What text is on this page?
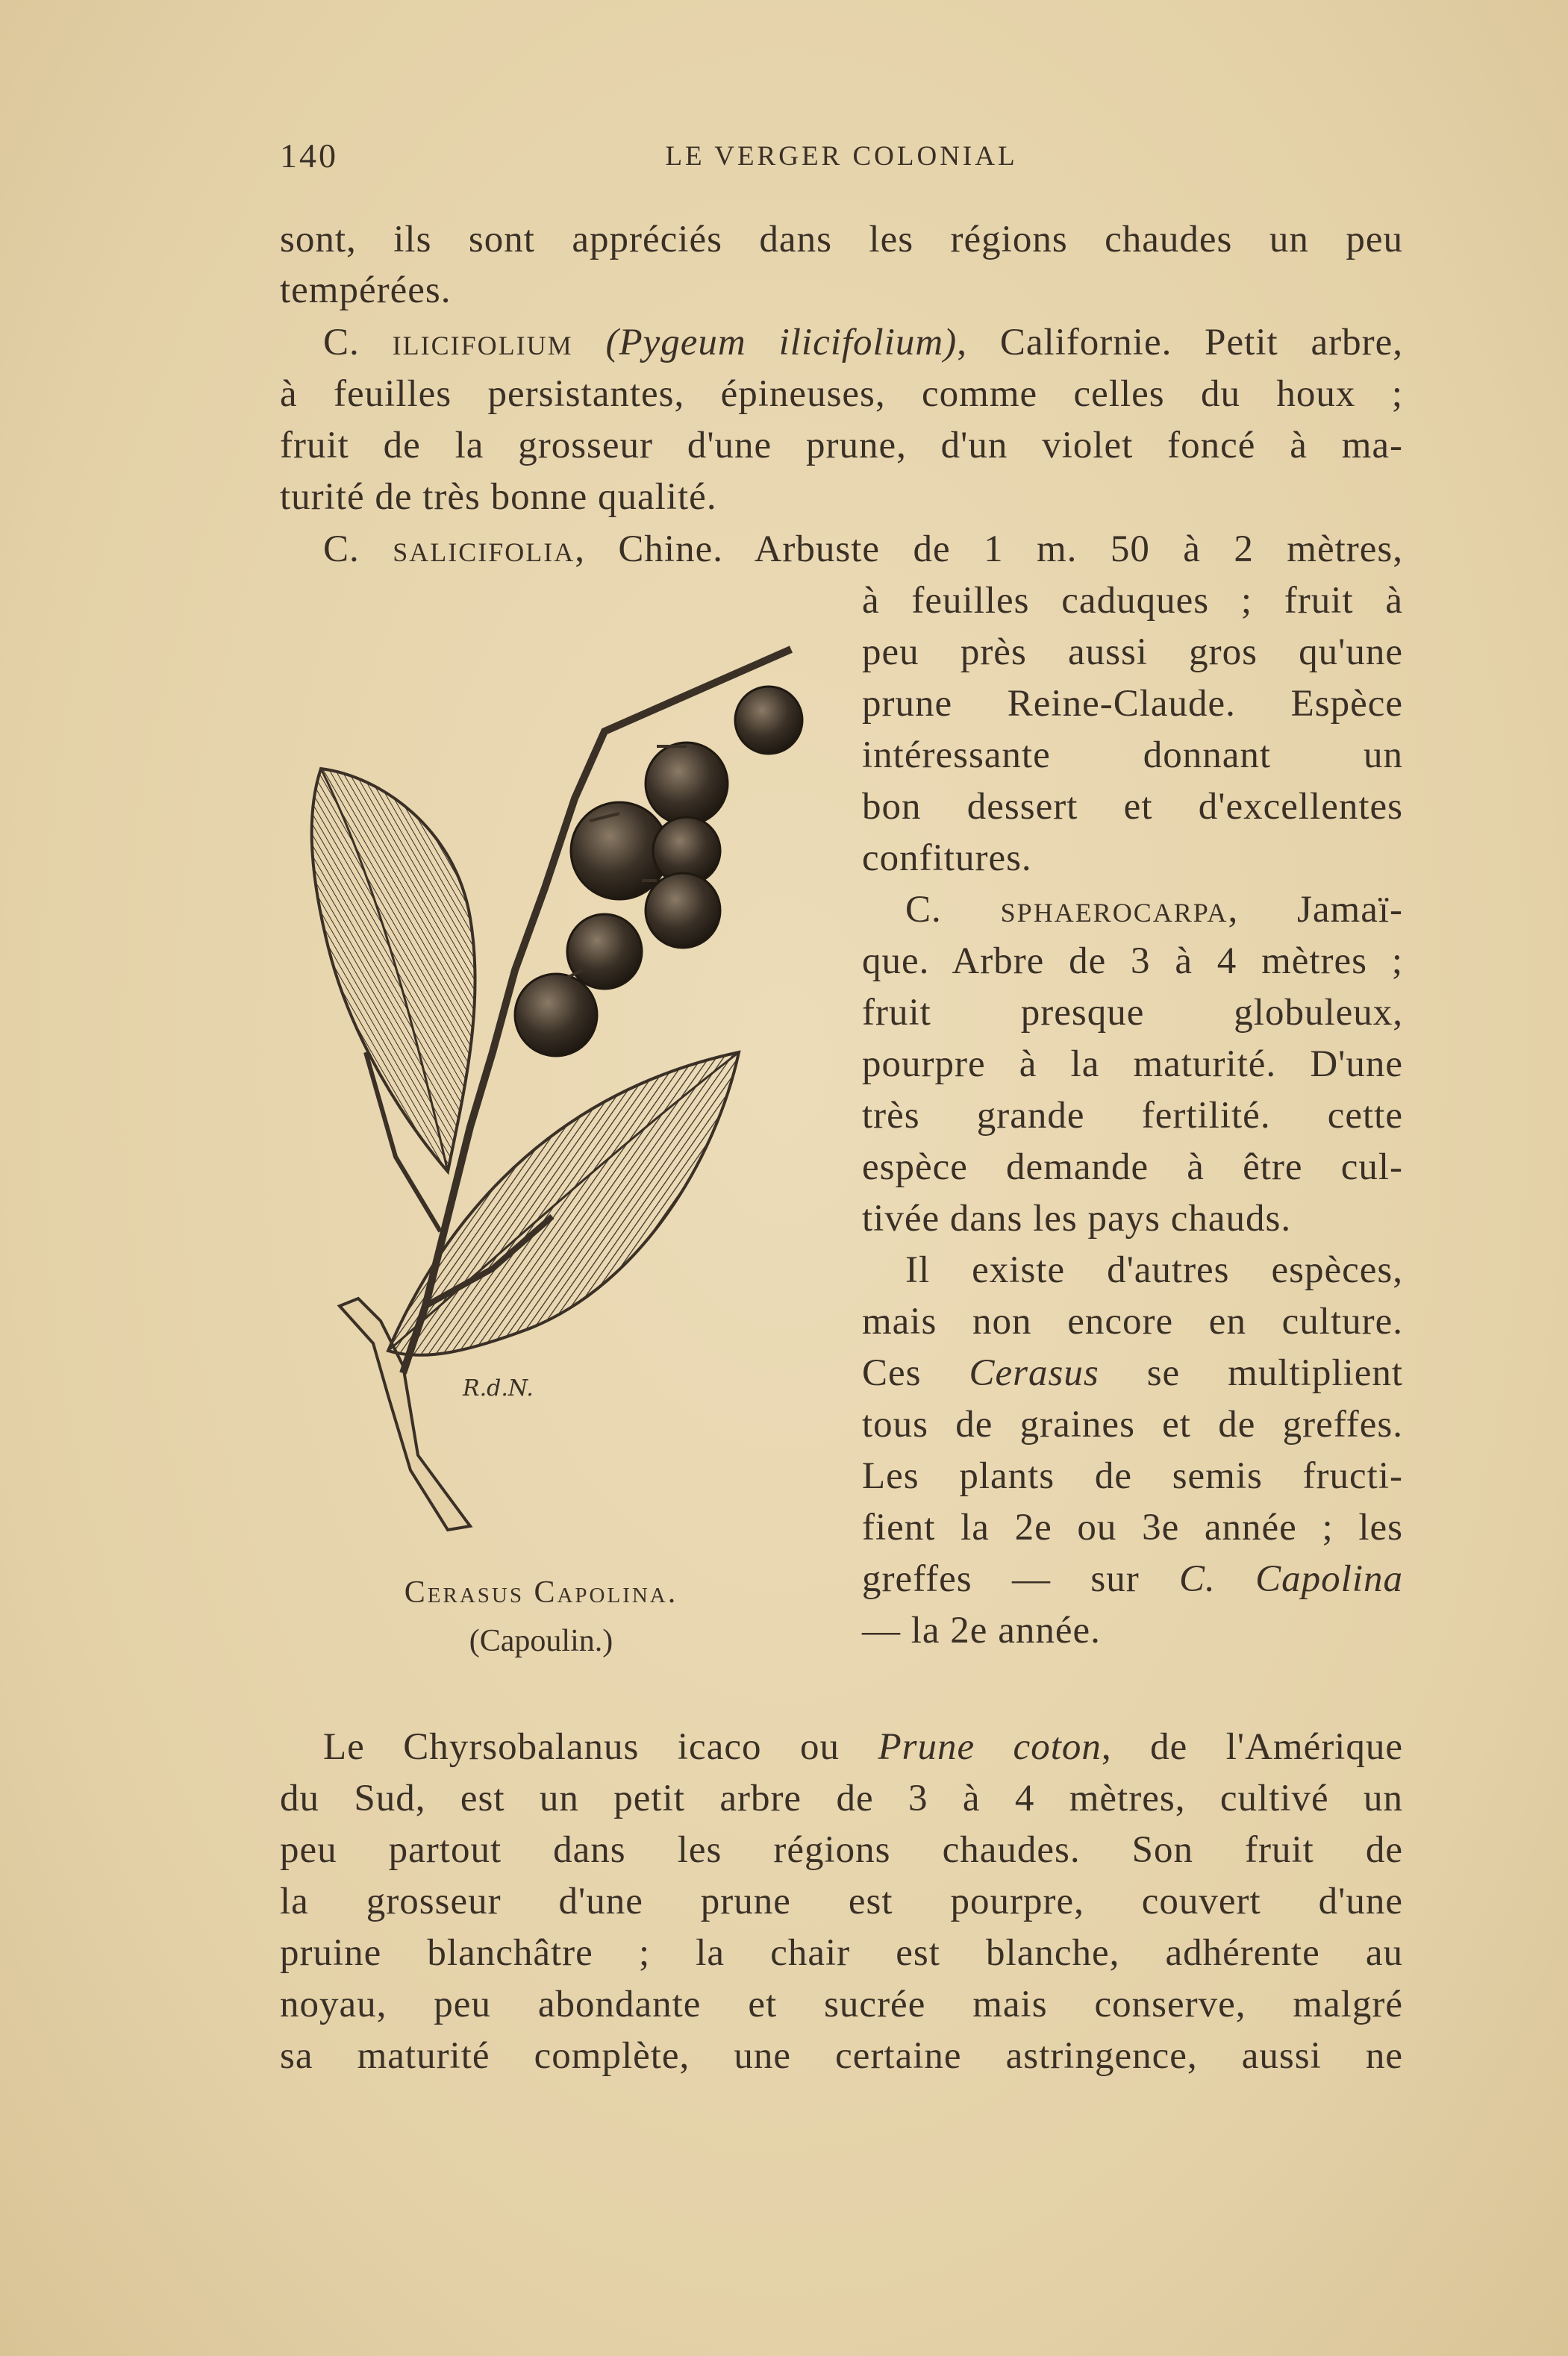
140	LE VERGER COLONIAL
sont, ils sont appréciés dans les régions chaudes un peu
tempérées.
C. ilicifolium (Pygeum ilicifolium), Californie. Petit arbre,
à feuilles persistantes, épineuses, comme celles du houx ;
fruit de la grosseur d'une prune, d'un violet foncé à ma-
turité de très bonne qualité.
C. salicifolia, Chine. Arbuste de 1 m. 50 à 2 mètres,
à feuilles caduques ; fruit à
peu près aussi gros qu'une
prune Reine-Claude. Espèce
intéressante donnant un
bon dessert et d'excellentes
confitures.
C. sphaerocarpa, Jamaï-
que. Arbre de 3 à 4 mètres ;
fruit presque globuleux,
pourpre à la maturité. D'une
très grande fertilité. cette
espèce demande à être cul-
tivée dans les pays chauds.
Il existe d'autres espèces,
mais non encore en culture.
Ces Cerasus se multiplient
tous de graines et de greffes.
Les plants de semis fructi-
fient la 2e ou 3e année ; les
greffes — sur C. Capolina
— la 2e année.
R.d.N.
Cerasus Capolina.
(Capoulin.)
Le Chyrsobalanus icaco ou Prune coton, de l'Amérique
du Sud, est un petit arbre de 3 à 4 mètres, cultivé un
peu partout dans les régions chaudes. Son fruit de
la grosseur d'une prune est pourpre, couvert d'une
pruine blanchâtre ; la chair est blanche, adhérente au
noyau, peu abondante et sucrée mais conserve, malgré
sa maturité complète, une certaine astringence, aussi ne
